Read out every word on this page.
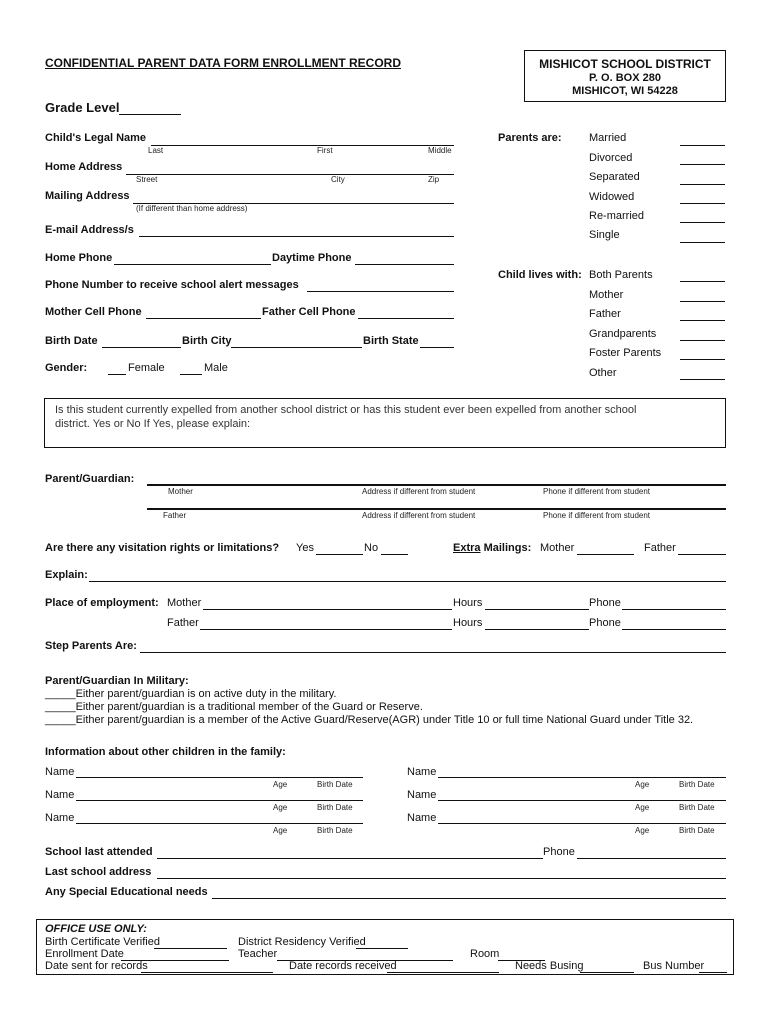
CONFIDENTIAL PARENT DATA FORM ENROLLMENT RECORD	MISHICOT SCHOOL DISTRICT
P. O. BOX 280
MISHICOT, WI 54228
Grade Level
Child's Legal Name
Last	First	Middle
Home Address
Street	City	Zip
Mailing Address
(If different than home address)
E-mail Address/s
Home Phone	Daytime Phone
Phone Number to receive school alert messages
Mother Cell Phone	Father Cell Phone
Birth Date	Birth City	Birth State
Gender:	Female	Male
Parents are: Married
Divorced
Separated
Widowed
Re-married
Single
Child lives with: Both Parents
Mother
Father
Grandparents
Foster Parents
Other
Is this student currently expelled from another school district or has this student ever been expelled from another school
district. Yes or No If Yes, please explain:
Parent/Guardian:
Mother	Address if different from student	Phone if different from student
Father	Address if different from student	Phone if different from student
Are there any visitation rights or limitations? Yes	No	Extra Mailings: Mother	Father
Explain:
Place of employment: Mother	Hours	Phone
Father	Hours	Phone
Step Parents Are:
Parent/Guardian In Military:
_____Either parent/guardian is on active duty in the military.
_____Either parent/guardian is a traditional member of the Guard or Reserve.
_____Either parent/guardian is a member of the Active Guard/Reserve(AGR) under Title 10 or full time National Guard under Title 32.
Information about other children in the family:
Name
Age	Birth Date
Name
Age	Birth Date
Name
Age	Birth Date
Name
Age	Birth Date
Name
Age	Birth Date
Name
Age	Birth Date
School last attended	Phone
Last school address
Any Special Educational needs
OFFICE USE ONLY:
Birth Certificate Verified	District Residency Verified
Enrollment Date	Teacher	Room
Date sent for records	Date records received	Needs Busing	Bus Number
